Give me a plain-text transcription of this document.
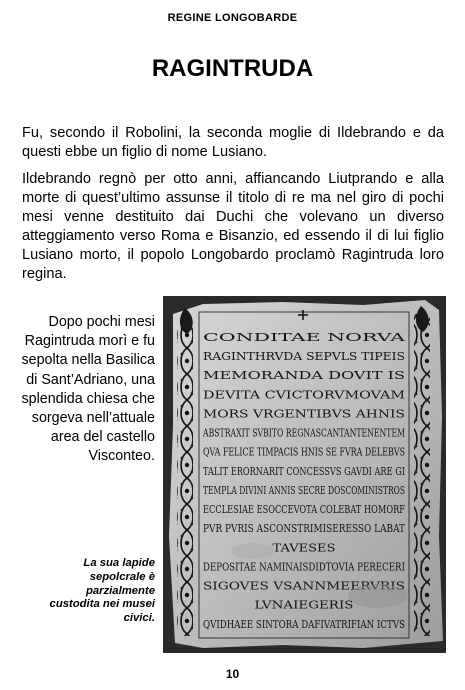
REGINE LONGOBARDE
RAGINTRUDA

Fu, secondo il Robolini, la seconda moglie di Ildebrando e da questi ebbe un figlio di nome Lusiano.

Ildebrando regnò per otto anni, affiancando Liutprando e alla morte di quest’ultimo assunse il titolo di re ma nel giro di pochi mesi venne destituito dai Duchi che volevano un diverso atteggiamento verso Roma e Bisanzio, ed essendo il di lui figlio Lusiano morto, il popolo Longobardo proclamò Ragintruda loro regina.

Dopo pochi mesi Ragintruda morì e fu sepolta nella Basilica di Sant’Adriano, una splendida chiesa che sorgeva nell’attuale area del castello Visconteo.

La sua lapide sepolcrale è parzialmente custodita nei musei civici.

CONDITAE NORVA
RAGINTHRVDA SEPVLS TIPEIS
MEMORANDA DOVIT IS
DEVITA CVICTORVMOVAM
MORS VRGENTIBVS AHNIS
ABSTRAXIT SVBITO REGNASCANTANTENENTEM
QVA FELICE TIMPACIS HNIS SE FVRA DELEBVS
TALIT ERORNARIT CONCESSVS GAVDI ARE GI
TEMPLA DIVINI ANNIS SECRE DOSCOMINISTROS
ECCLESIAE ESOCCEVOTA COLEBAT HOMORF
PVR PVRIS ASCONSTRIMISERESSO LABAT
TAVESES
DEPOSITAE NAMINAISDIDTOVIA PERECERI
SIGOVES VSANNMEERVRIS
LVNAIEGERIS
QVIDHAEE SINTORA DAFIVATRIFIAN ICTVS
10
